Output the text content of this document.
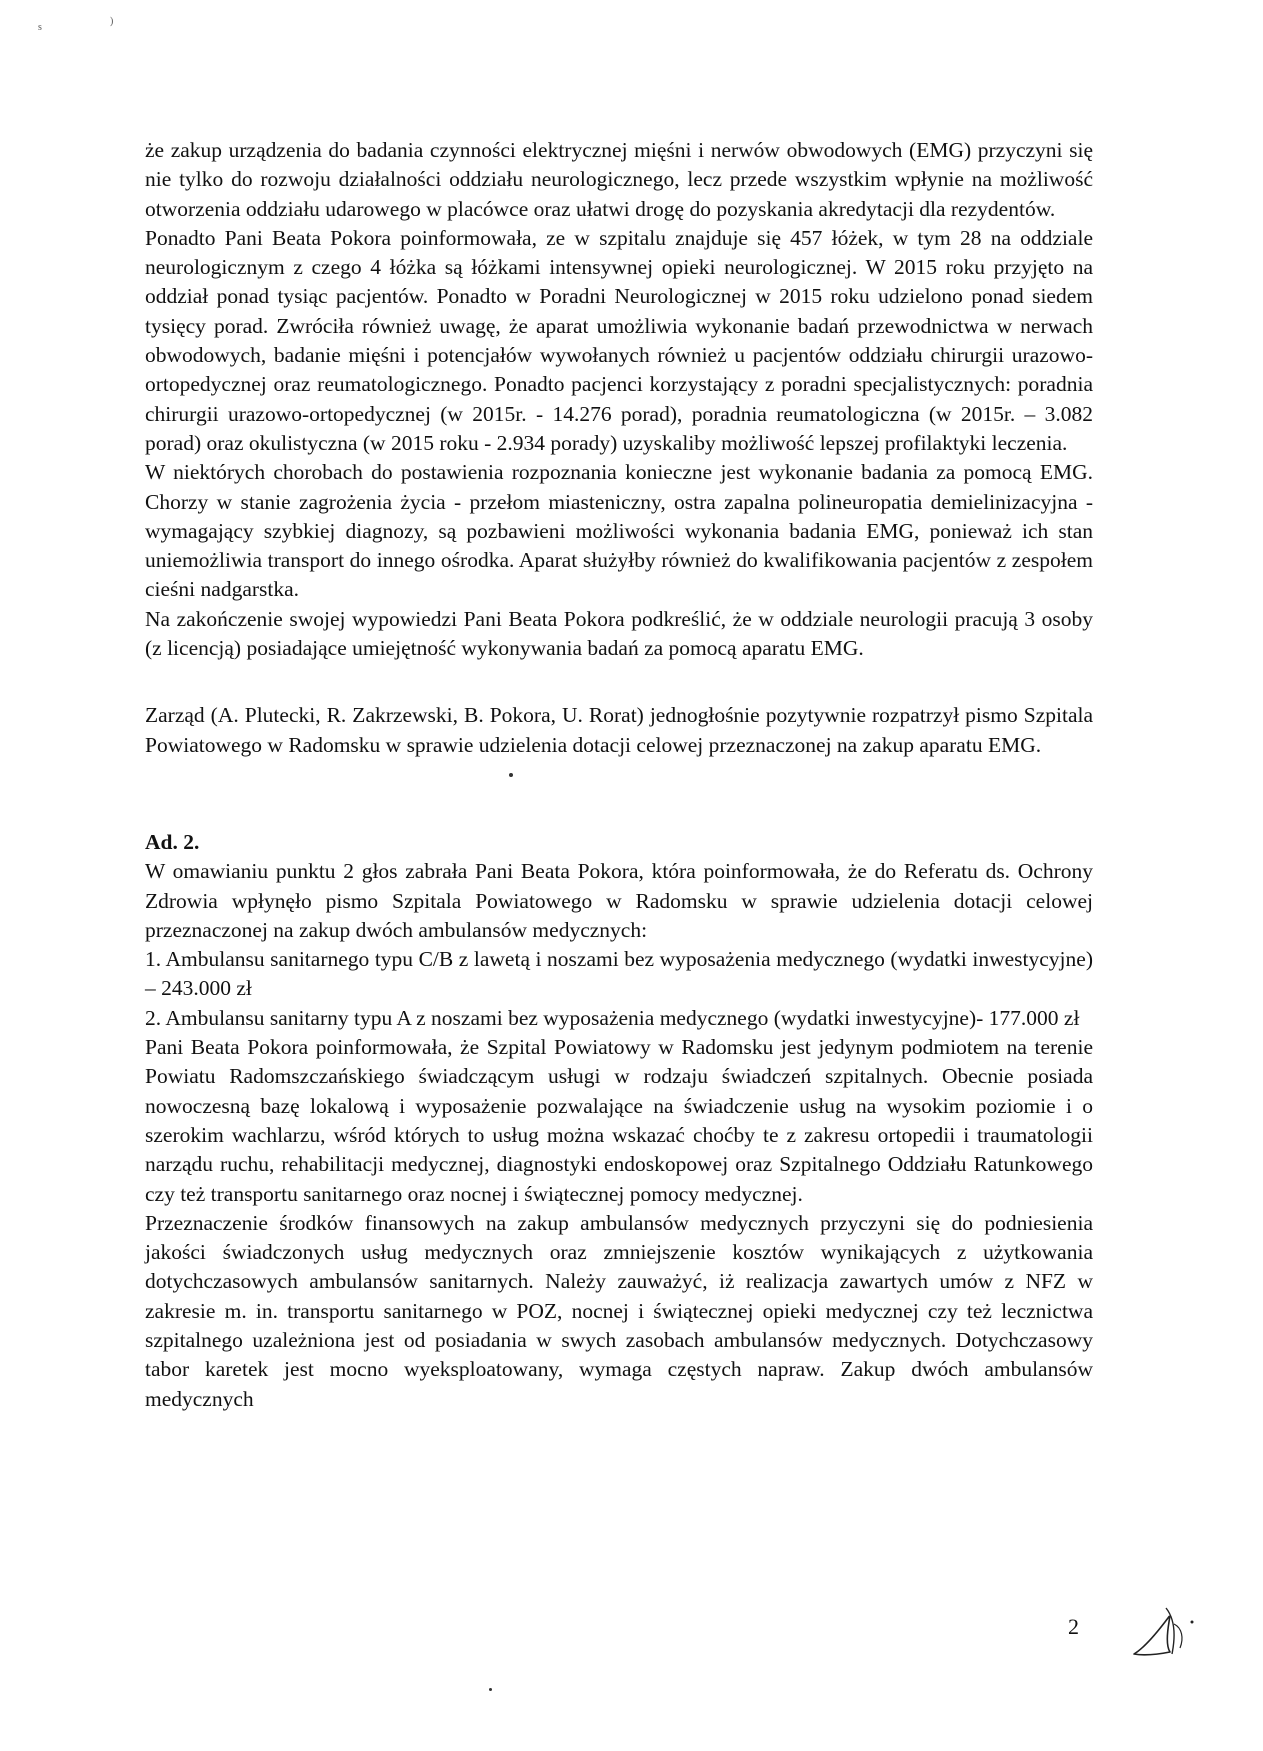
s
)

że zakup urządzenia do badania czynności elektrycznej mięśni i nerwów obwodowych (EMG) przyczyni się nie tylko do rozwoju działalności oddziału neurologicznego, lecz przede wszystkim wpłynie na możliwość otworzenia oddziału udarowego w placówce oraz ułatwi drogę do pozyskania akredytacji dla rezydentów.

Ponadto Pani Beata Pokora poinformowała, ze w szpitalu znajduje się 457 łóżek, w tym 28 na oddziale neurologicznym z czego 4 łóżka są łóżkami intensywnej opieki neurologicznej. W 2015 roku przyjęto na oddział ponad tysiąc pacjentów. Ponadto w Poradni Neurologicznej w 2015 roku udzielono ponad siedem tysięcy porad. Zwróciła również uwagę, że aparat umożliwia wykonanie badań przewodnictwa w nerwach obwodowych, badanie mięśni i potencjałów wywołanych również u pacjentów oddziału chirurgii urazowo-ortopedycznej oraz reumatologicznego. Ponadto pacjenci korzystający z poradni specjalistycznych: poradnia chirurgii urazowo-ortopedycznej (w 2015r. - 14.276 porad), poradnia reumatologiczna (w 2015r. – 3.082 porad) oraz okulistyczna (w 2015 roku - 2.934 porady) uzyskaliby możliwość lepszej profilaktyki leczenia.

W niektórych chorobach do postawienia rozpoznania konieczne jest wykonanie badania za pomocą EMG. Chorzy w stanie zagrożenia życia - przełom miasteniczny, ostra zapalna polineuropatia demielinizacyjna - wymagający szybkiej diagnozy, są pozbawieni możliwości wykonania badania EMG, ponieważ ich stan uniemożliwia transport do innego ośrodka. Aparat służyłby również do kwalifikowania pacjentów z zespołem cieśni nadgarstka.

Na zakończenie swojej wypowiedzi Pani Beata Pokora podkreślić, że w oddziale neurologii pracują 3 osoby (z licencją) posiadające umiejętność wykonywania badań za pomocą aparatu EMG.

Zarząd (A. Plutecki, R. Zakrzewski, B. Pokora, U. Rorat) jednogłośnie pozytywnie rozpatrzył pismo Szpitala Powiatowego w Radomsku w sprawie udzielenia dotacji celowej przeznaczonej na zakup aparatu EMG.

Ad. 2.

W omawianiu punktu 2 głos zabrała Pani Beata Pokora, która poinformowała, że do Referatu ds. Ochrony Zdrowia wpłynęło pismo Szpitala Powiatowego w Radomsku w sprawie udzielenia dotacji celowej przeznaczonej na zakup dwóch ambulansów medycznych:

1. Ambulansu sanitarnego typu C/B z lawetą i noszami bez wyposażenia medycznego (wydatki inwestycyjne) – 243.000 zł

2. Ambulansu sanitarny typu A z noszami bez wyposażenia medycznego (wydatki inwestycyjne)- 177.000 zł

Pani Beata Pokora poinformowała, że Szpital Powiatowy w Radomsku jest jedynym podmiotem na terenie Powiatu Radomszczańskiego świadczącym usługi w rodzaju świadczeń szpitalnych. Obecnie posiada nowoczesną bazę lokalową i wyposażenie pozwalające na świadczenie usług na wysokim poziomie i o szerokim wachlarzu, wśród których to usług można wskazać choćby te z zakresu ortopedii i traumatologii narządu ruchu, rehabilitacji medycznej, diagnostyki endoskopowej oraz Szpitalnego Oddziału Ratunkowego czy też transportu sanitarnego oraz nocnej i świątecznej pomocy medycznej.

Przeznaczenie środków finansowych na zakup ambulansów medycznych przyczyni się do podniesienia jakości świadczonych usług medycznych oraz zmniejszenie kosztów wynikających z użytkowania dotychczasowych ambulansów sanitarnych. Należy zauważyć, iż realizacja zawartych umów z NFZ w zakresie m. in. transportu sanitarnego w POZ, nocnej i świątecznej opieki medycznej czy też lecznictwa szpitalnego uzależniona jest od posiadania w swych zasobach ambulansów medycznych. Dotychczasowy tabor karetek jest mocno wyeksploatowany, wymaga częstych napraw. Zakup dwóch ambulansów medycznych

2
